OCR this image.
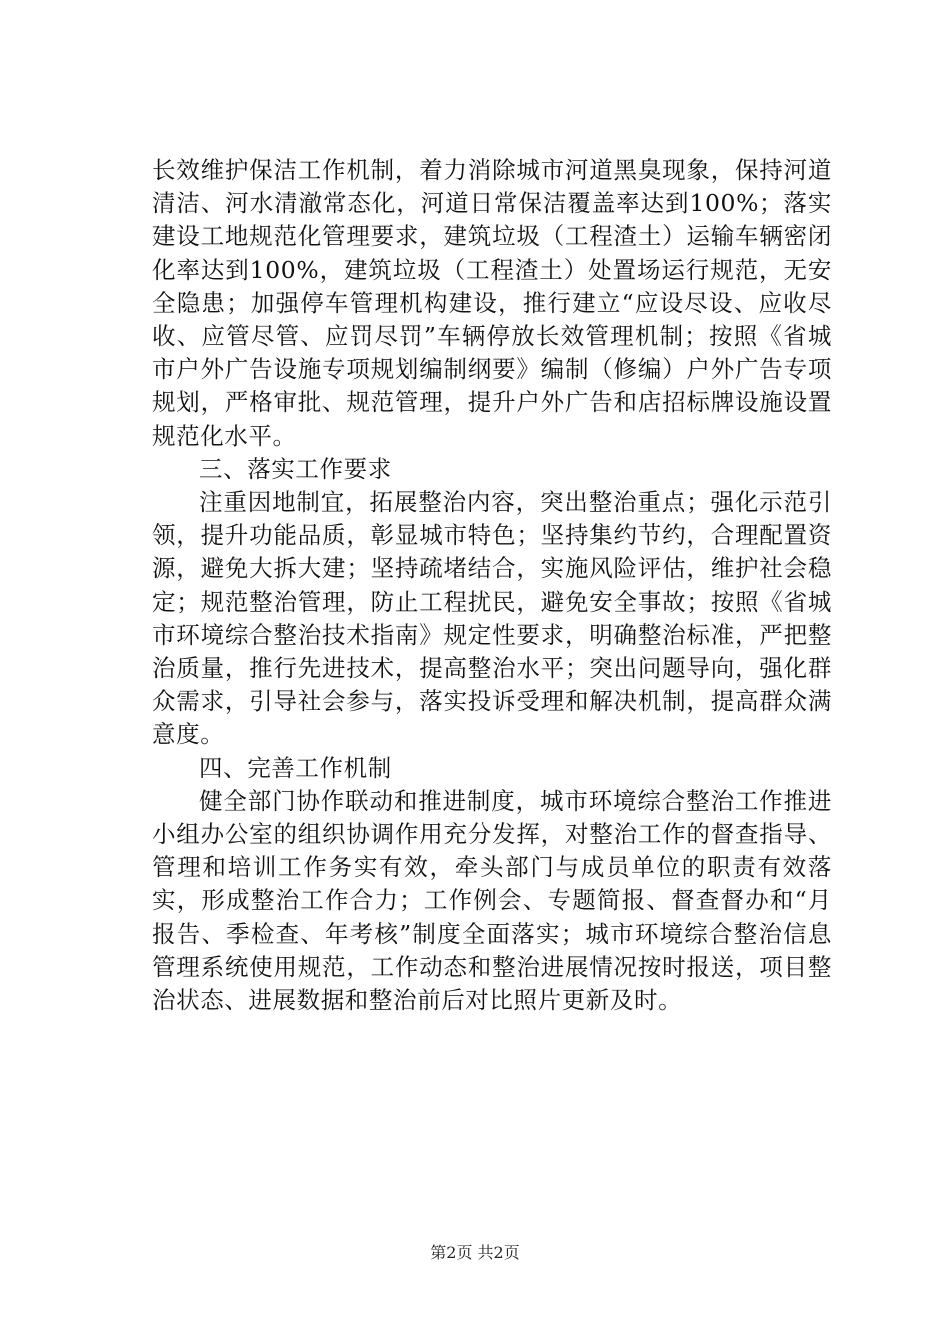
长效维护保洁工作机制，着力消除城市河道黑臭现象，保持河道清洁、河水清澈常态化，河道日常保洁覆盖率达到100%；落实建设工地规范化管理要求，建筑垃圾（工程渣土）运输车辆密闭化率达到100%，建筑垃圾（工程渣土）处置场运行规范，无安全隐患；加强停车管理机构建设，推行建立“应设尽设、应收尽收、应管尽管、应罚尽罚”车辆停放长效管理机制；按照《省城市户外广告设施专项规划编制纲要》编制（修编）户外广告专项规划，严格审批、规范管理，提升户外广告和店招标牌设施设置规范化水平。

三、落实工作要求

注重因地制宜，拓展整治内容，突出整治重点；强化示范引领，提升功能品质，彰显城市特色；坚持集约节约，合理配置资源，避免大拆大建；坚持疏堵结合，实施风险评估，维护社会稳定；规范整治管理，防止工程扰民，避免安全事故；按照《省城市环境综合整治技术指南》规定性要求，明确整治标准，严把整治质量，推行先进技术，提高整治水平；突出问题导向，强化群众需求，引导社会参与，落实投诉受理和解决机制，提高群众满意度。

四、完善工作机制

健全部门协作联动和推进制度，城市环境综合整治工作推进小组办公室的组织协调作用充分发挥，对整治工作的督查指导、管理和培训工作务实有效，牵头部门与成员单位的职责有效落实，形成整治工作合力；工作例会、专题简报、督查督办和“月报告、季检查、年考核”制度全面落实；城市环境综合整治信息管理系统使用规范，工作动态和整治进展情况按时报送，项目整治状态、进展数据和整治前后对比照片更新及时。

第2页 共2页
